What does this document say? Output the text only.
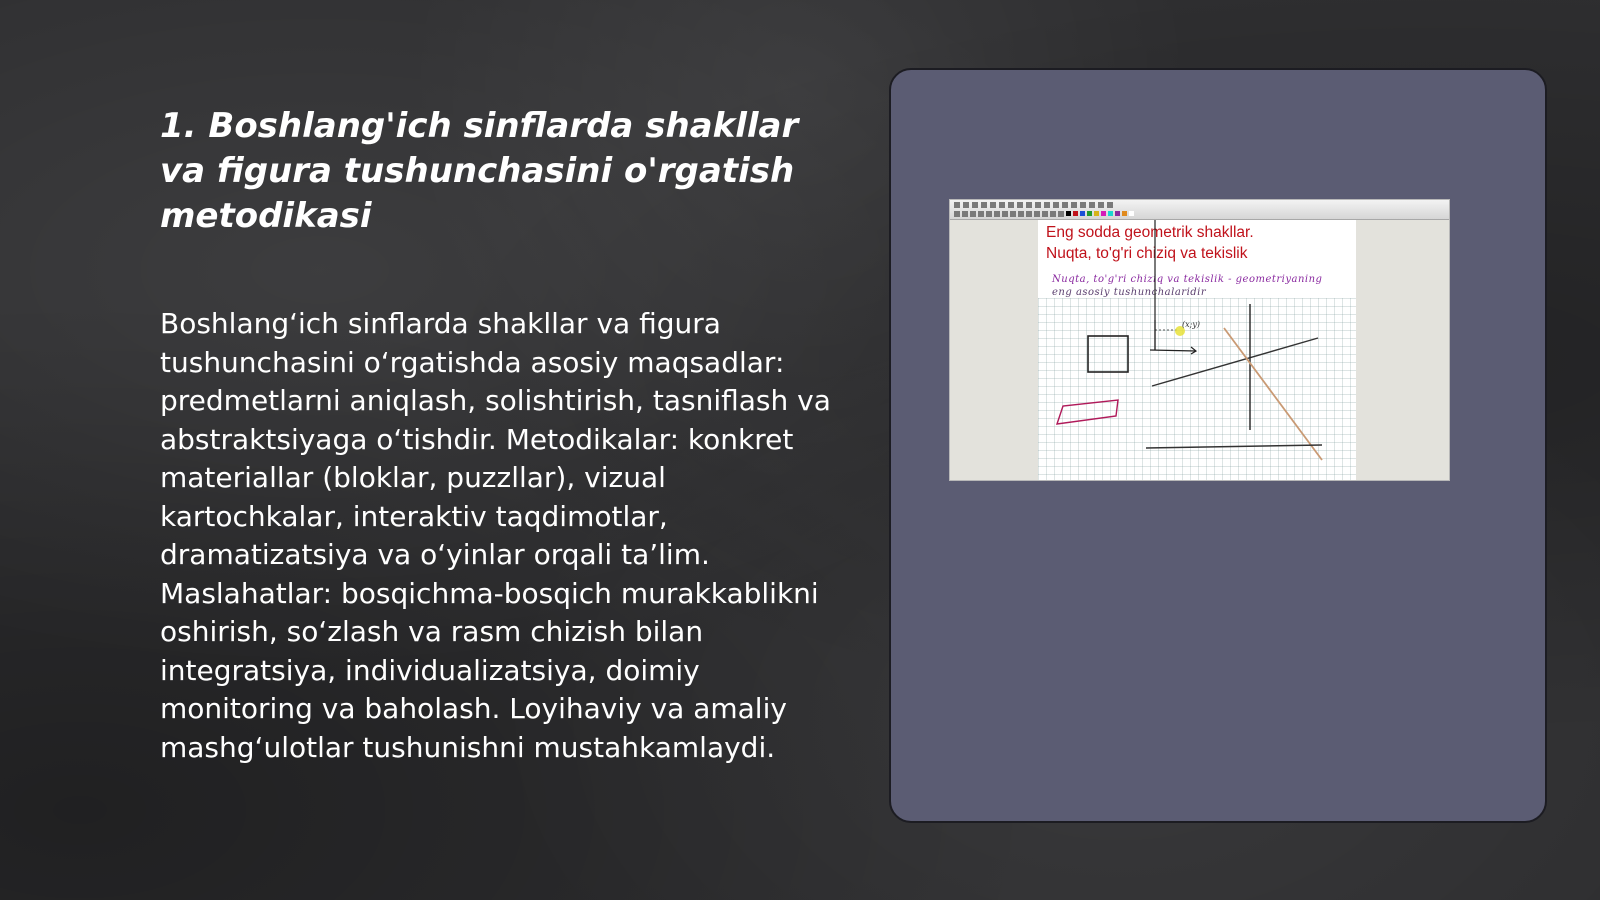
1. Boshlang'ich sinflarda shakllar va figura tushunchasini o'rgatish metodikasi
Boshlang‘ich sinflarda shakllar va figura tushunchasini o‘rgatishda asosiy maqsadlar: predmetlarni aniqlash, solishtirish, tasniflash va abstraktsiyaga o‘tishdir. Metodikalar: konkret materiallar (bloklar, puzzllar), vizual kartochkalar, interaktiv taqdimotlar, dramatizatsiya va o‘yinlar orqali ta’lim. Maslahatlar: bosqichma-bosqich murakkablikni oshirish, so‘zlash va rasm chizish bilan integratsiya, individualizatsiya, doimiy monitoring va baholash. Loyihaviy va amaliy mashg‘ulotlar tushunishni mustahkamlaydi.
Eng sodda geometrik shakllar.
Nuqta, to'g'ri chiziq va tekislik
Nuqta, to'g'ri chiziq va tekislik - geometriyaning
eng asosiy tushunchalaridir
(x;y)
